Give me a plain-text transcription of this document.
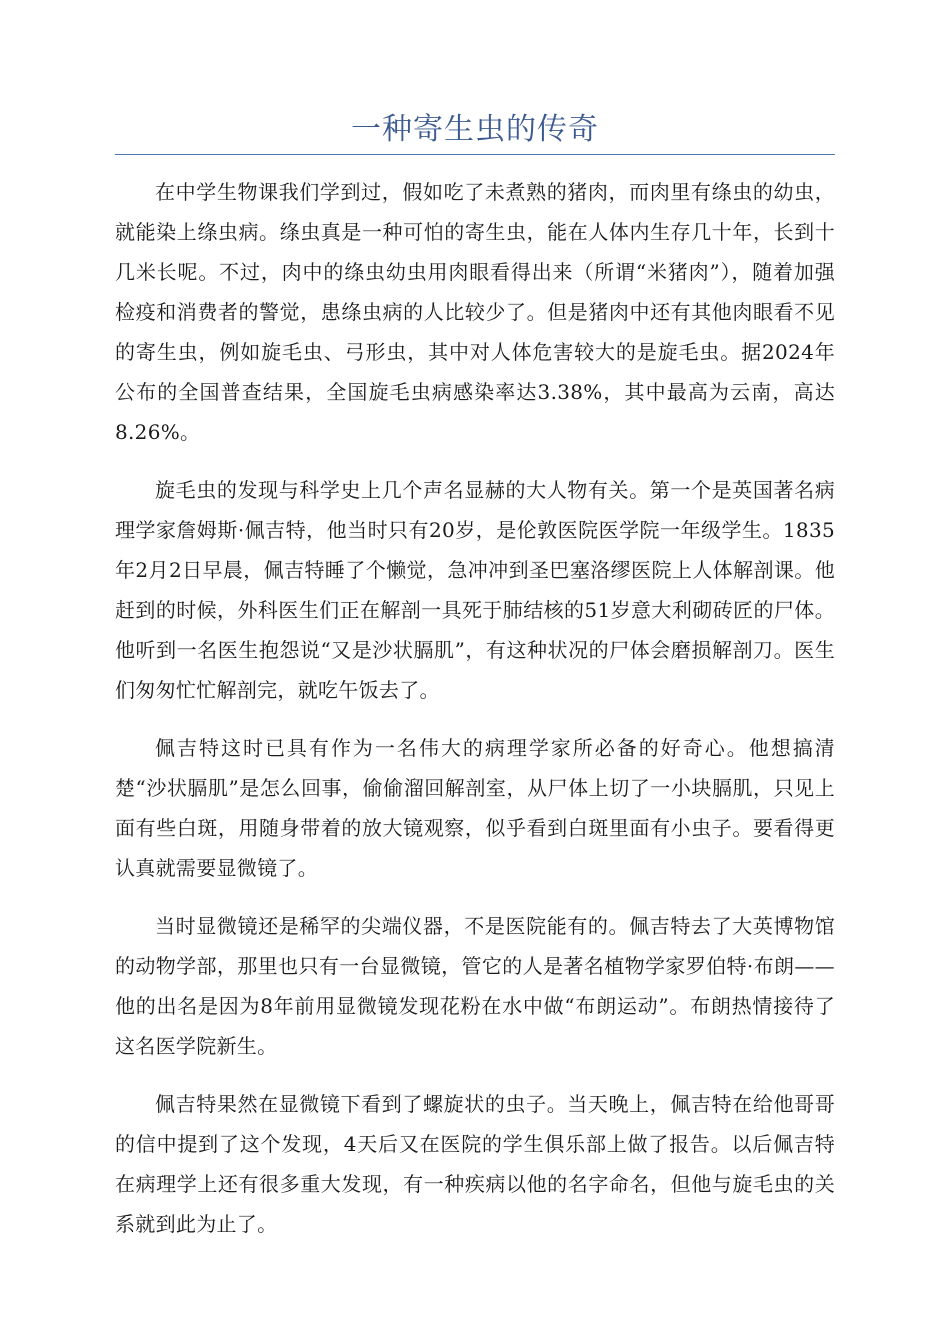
一种寄生虫的传奇

在中学生物课我们学到过，假如吃了未煮熟的猪肉，而肉里有绦虫的幼虫，就能染上绦虫病。绦虫真是一种可怕的寄生虫，能在人体内生存几十年，长到十几米长呢。不过，肉中的绦虫幼虫用肉眼看得出来（所谓“米猪肉”），随着加强检疫和消费者的警觉，患绦虫病的人比较少了。但是猪肉中还有其他肉眼看不见的寄生虫，例如旋毛虫、弓形虫，其中对人体危害较大的是旋毛虫。据2024年公布的全国普查结果，全国旋毛虫病感染率达3.38%，其中最高为云南，高达8.26%。

旋毛虫的发现与科学史上几个声名显赫的大人物有关。第一个是英国著名病理学家詹姆斯·佩吉特，他当时只有20岁，是伦敦医院医学院一年级学生。1835年2月2日早晨，佩吉特睡了个懒觉，急冲冲到圣巴塞洛缪医院上人体解剖课。他赶到的时候，外科医生们正在解剖一具死于肺结核的51岁意大利砌砖匠的尸体。他听到一名医生抱怨说“又是沙状膈肌”，有这种状况的尸体会磨损解剖刀。医生们匆匆忙忙解剖完，就吃午饭去了。

佩吉特这时已具有作为一名伟大的病理学家所必备的好奇心。他想搞清楚“沙状膈肌”是怎么回事，偷偷溜回解剖室，从尸体上切了一小块膈肌，只见上面有些白斑，用随身带着的放大镜观察，似乎看到白斑里面有小虫子。要看得更认真就需要显微镜了。

当时显微镜还是稀罕的尖端仪器，不是医院能有的。佩吉特去了大英博物馆的动物学部，那里也只有一台显微镜，管它的人是著名植物学家罗伯特·布朗——他的出名是因为8年前用显微镜发现花粉在水中做“布朗运动”。布朗热情接待了这名医学院新生。

佩吉特果然在显微镜下看到了螺旋状的虫子。当天晚上，佩吉特在给他哥哥的信中提到了这个发现，4天后又在医院的学生俱乐部上做了报告。以后佩吉特在病理学上还有很多重大发现，有一种疾病以他的名字命名，但他与旋毛虫的关系就到此为止了。
